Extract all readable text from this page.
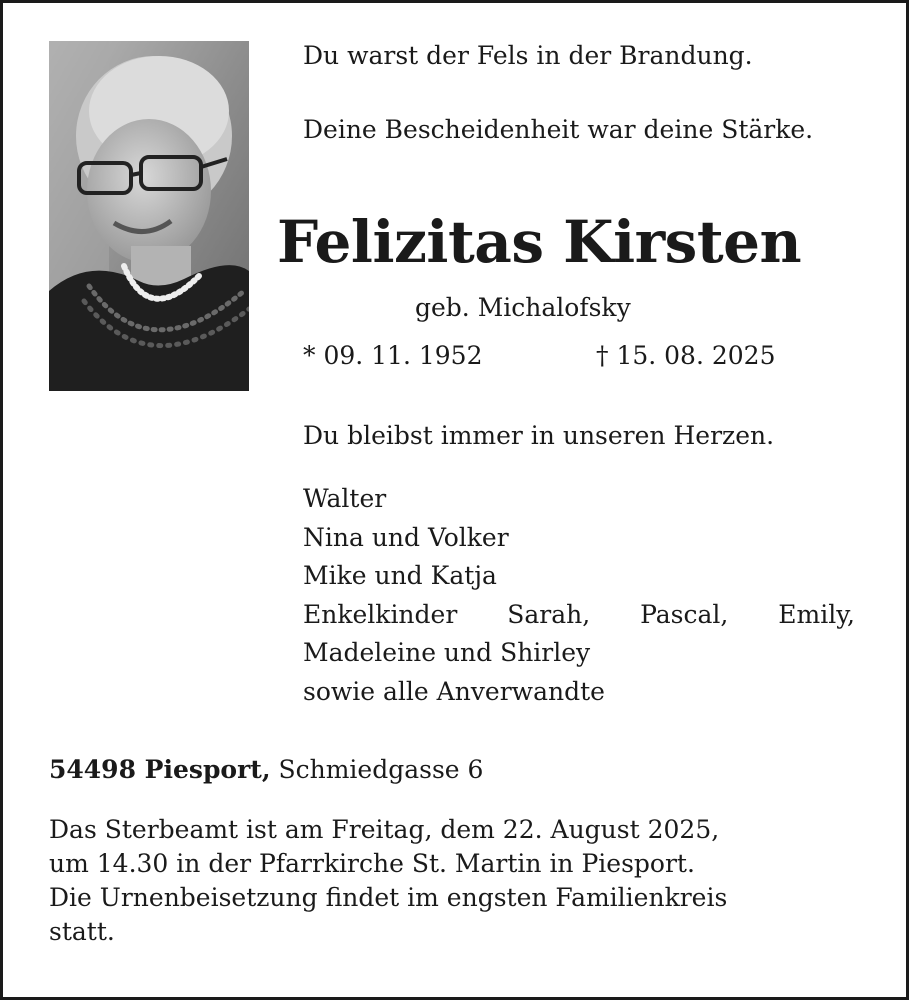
Du warst der Fels in der Brandung.
Deine Bescheidenheit war deine Stärke.
Felizitas Kirsten
geb. Michalofsky
* 09. 11. 1952	† 15. 08. 2025
Du bleibst immer in unseren Herzen.
Walter
Nina und Volker
Mike und Katja
Enkelkinder Sarah, Pascal, Emily,
Madeleine und Shirley
sowie alle Anverwandte
54498 Piesport, Schmiedgasse 6
Das Sterbeamt ist am Freitag, dem 22. August 2025,
um 14.30 in der Pfarrkirche St. Martin in Piesport.
Die Urnenbeisetzung findet im engsten Familienkreis
statt.
